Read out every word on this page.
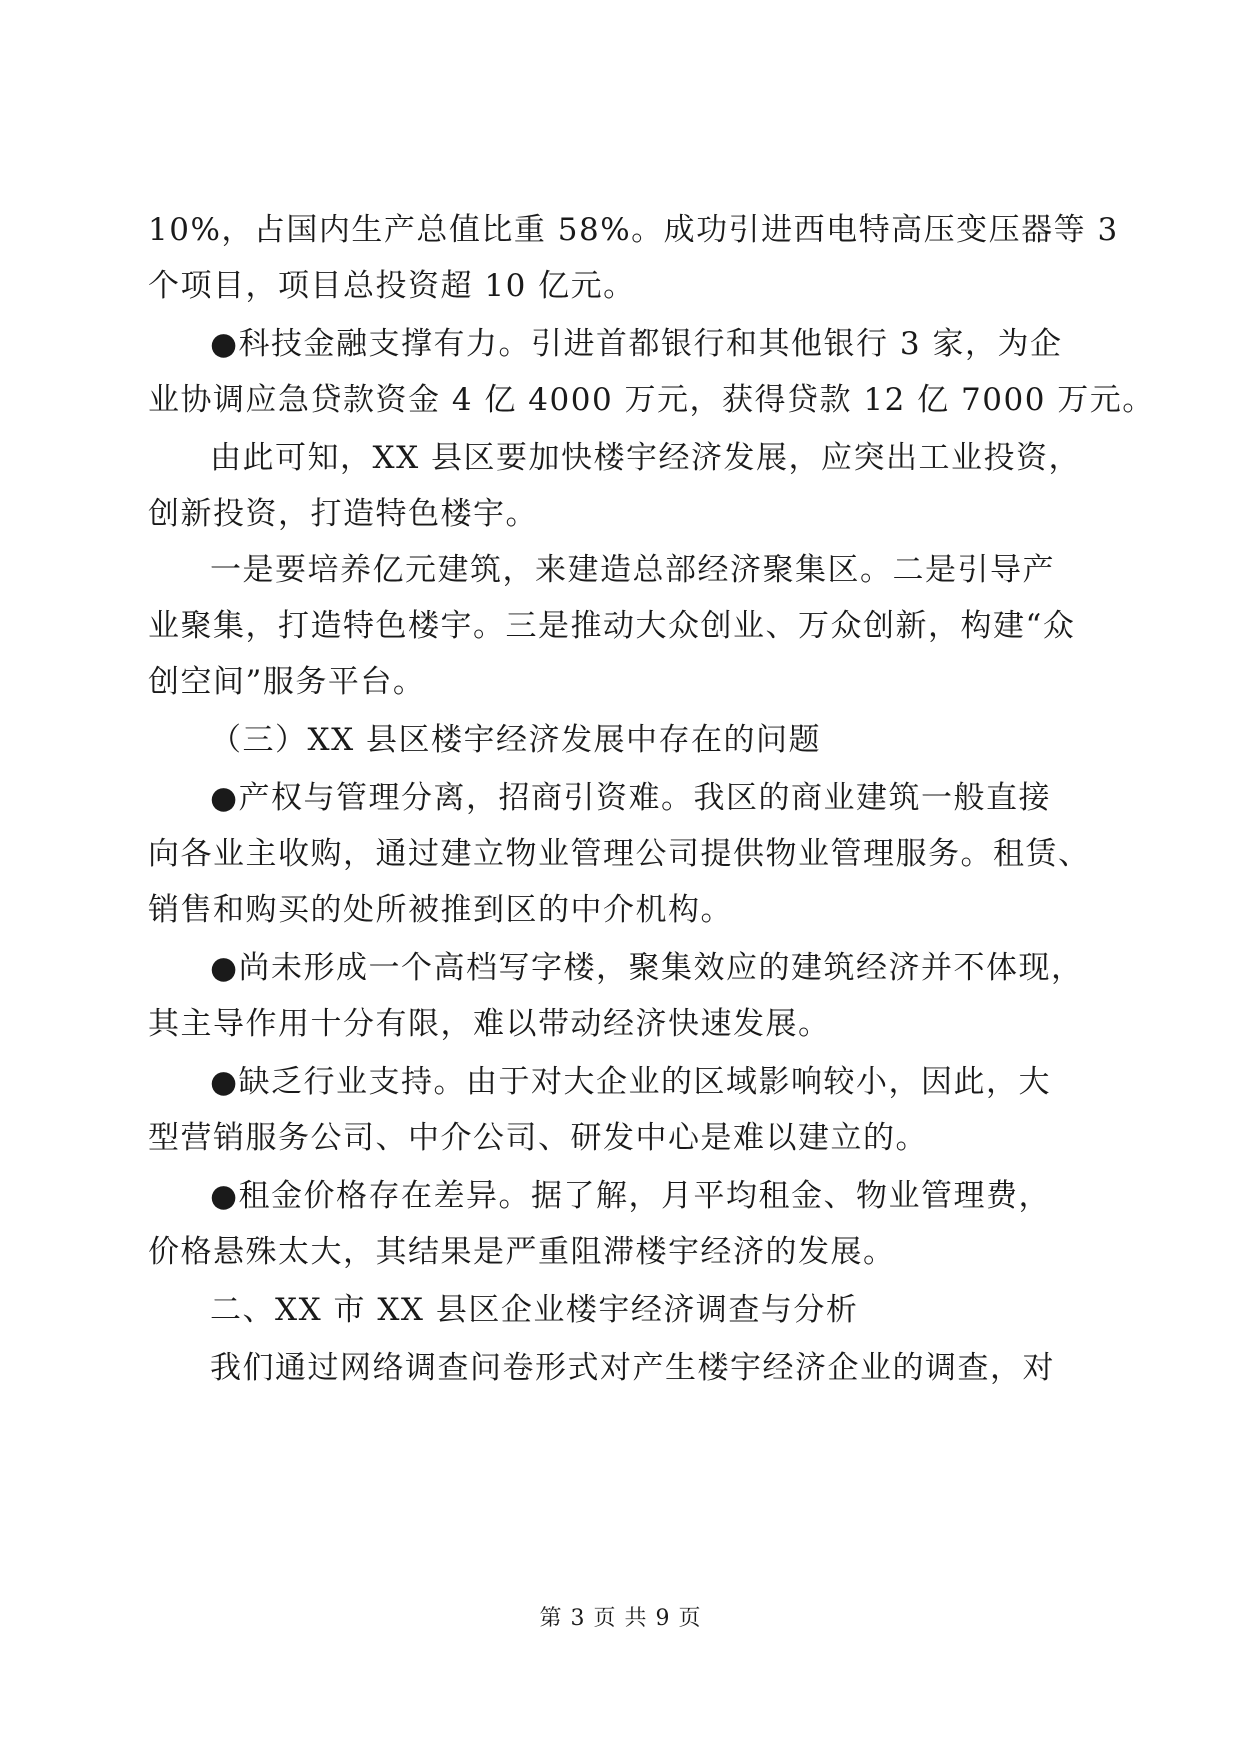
10%，占国内生产总值比重 58%。成功引进西电特高压变压器等 3
个项目，项目总投资超 10 亿元。
●科技金融支撑有力。引进首都银行和其他银行 3 家，为企
业协调应急贷款资金 4 亿 4000 万元，获得贷款 12 亿 7000 万元。
由此可知，XX 县区要加快楼宇经济发展，应突出工业投资，
创新投资，打造特色楼宇。
一是要培养亿元建筑，来建造总部经济聚集区。二是引导产
业聚集，打造特色楼宇。三是推动大众创业、万众创新，构建“众
创空间”服务平台。
（三）XX 县区楼宇经济发展中存在的问题
●产权与管理分离，招商引资难。我区的商业建筑一般直接
向各业主收购，通过建立物业管理公司提供物业管理服务。租赁、
销售和购买的处所被推到区的中介机构。
●尚未形成一个高档写字楼，聚集效应的建筑经济并不体现，
其主导作用十分有限，难以带动经济快速发展。
●缺乏行业支持。由于对大企业的区域影响较小，因此，大
型营销服务公司、中介公司、研发中心是难以建立的。
●租金价格存在差异。据了解，月平均租金、物业管理费，
价格悬殊太大，其结果是严重阻滞楼宇经济的发展。
二、XX 市 XX 县区企业楼宇经济调查与分析
我们通过网络调查问卷形式对产生楼宇经济企业的调查，对
第 3 页 共 9 页
